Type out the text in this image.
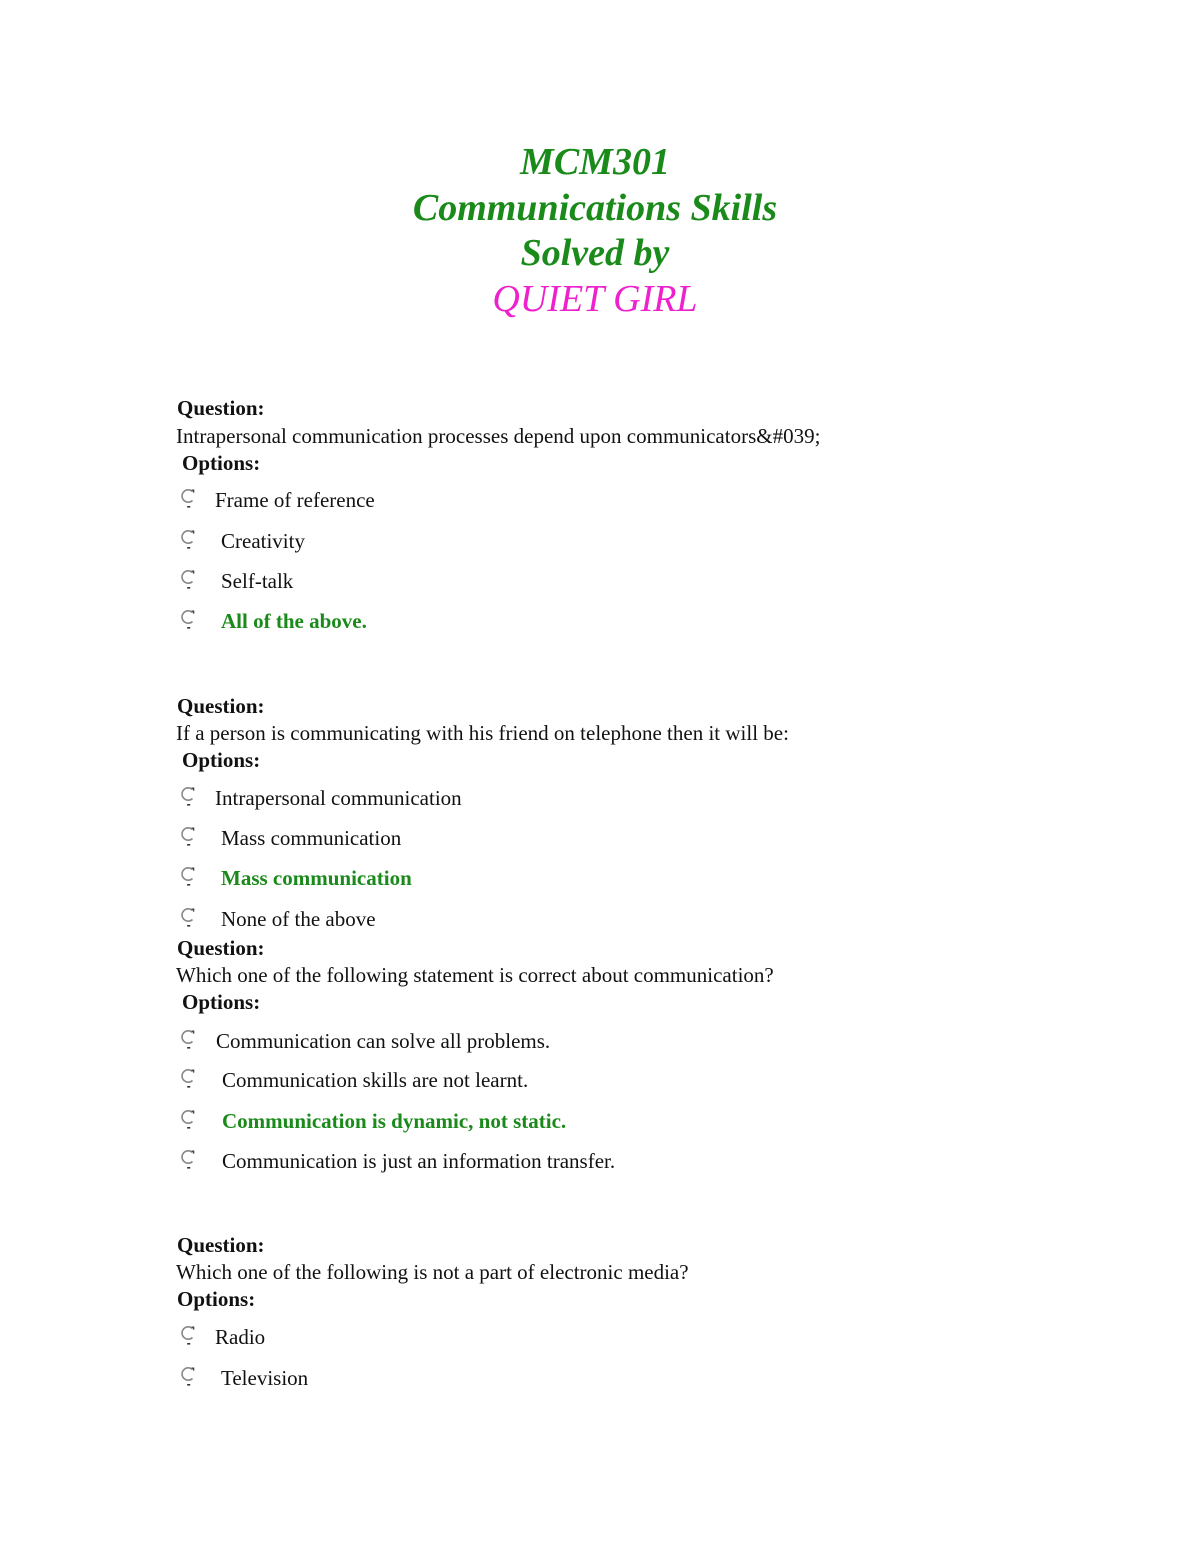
MCM301
Communications Skills
Solved by
QUIET GIRL
Question:
Intrapersonal communication processes depend upon communicators&#039;
Options:
Frame of reference
Creativity
Self-talk
All of the above.
Question:
If a person is communicating with his friend on telephone then it will be:
Options:
Intrapersonal communication
Mass communication
Mass communication
None of the above
Question:
Which one of the following statement is correct about communication?
Options:
Communication can solve all problems.
Communication skills are not learnt.
Communication is dynamic, not static.
Communication is just an information transfer.
Question:
Which one of the following is not a part of electronic media?
Options:
Radio
Television
